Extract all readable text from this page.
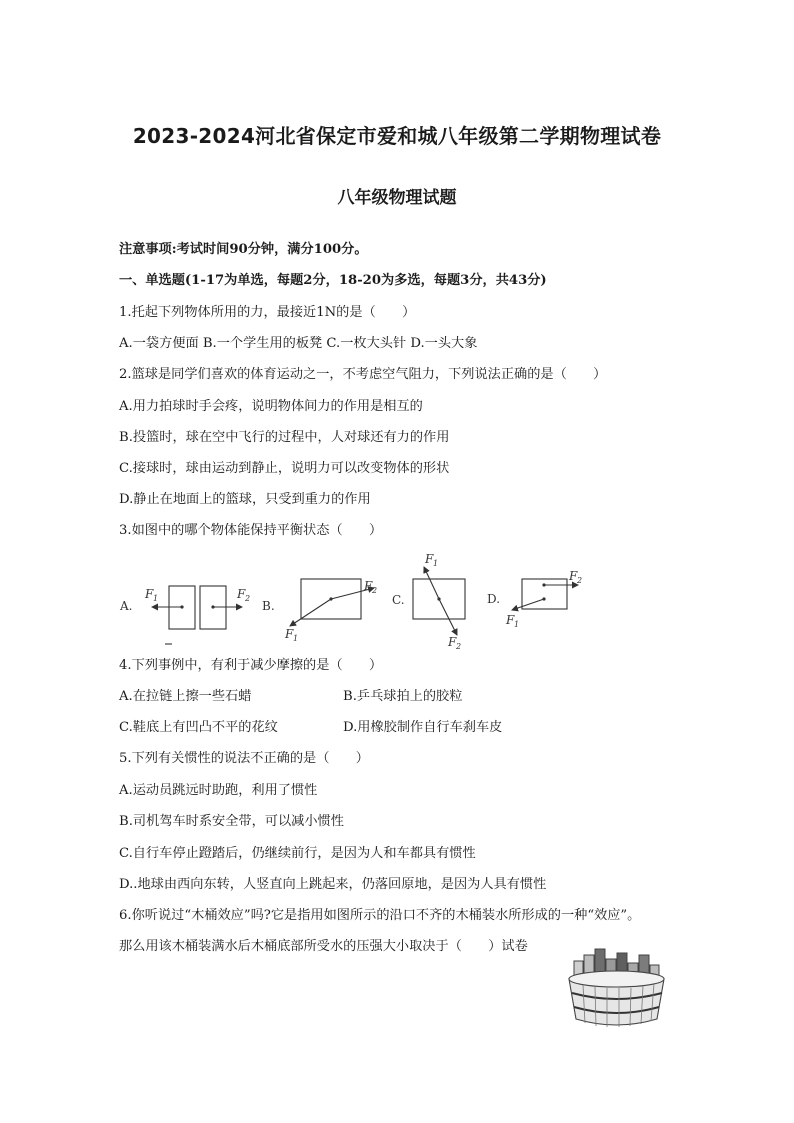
2023-2024河北省保定市爱和城八年级第二学期物理试卷
八年级物理试题
注意事项:考试时间90分钟，满分100分。
一、单选题(1-17为单选，每题2分，18-20为多选，每题3分，共43分)
1.托起下列物体所用的力，最接近1N的是（　　）
A.一袋方便面 B.一个学生用的板凳 C.一枚大头针 D.一头大象
2.篮球是同学们喜欢的体育运动之一，不考虑空气阻力，下列说法正确的是（　　）
A.用力拍球时手会疼，说明物体间力的作用是相互的
B.投篮时，球在空中飞行的过程中，人对球还有力的作用
C.接球时，球由运动到静止，说明力可以改变物体的形状
D.静止在地面上的篮球，只受到重力的作用
3.如图中的哪个物体能保持平衡状态（　　）
A.	B.	C.	D.
F 1	F 2
F 1
F 2
F 1
F 2
F 1
F 2
4.下列事例中，有利于减少摩擦的是（　　）
A.在拉链上擦一些石蜡	B.乒乓球拍上的胶粒
C.鞋底上有凹凸不平的花纹	D.用橡胶制作自行车刹车皮
5.下列有关惯性的说法不正确的是（　　）
A.运动员跳远时助跑，利用了惯性
B.司机驾车时系安全带，可以减小惯性
C.自行车停止蹬踏后，仍继续前行，是因为人和车都具有惯性
D..地球由西向东转，人竖直向上跳起来，仍落回原地，是因为人具有惯性
6.你听说过“木桶效应”吗?它是指用如图所示的沿口不齐的木桶装水所形成的一种“效应”。
那么用该木桶装满水后木桶底部所受水的压强大小取决于（　　）试卷
